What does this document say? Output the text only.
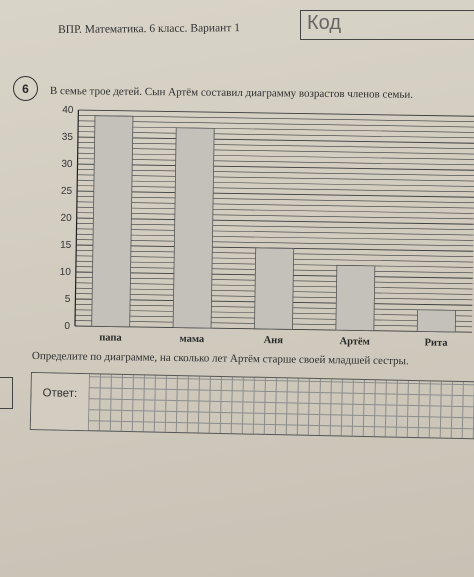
ВПР. Математика. 6 класс. Вариант 1	Код
6	В семье трое детей. Сын Артём составил диаграмму возрастов членов семьи.
0
5
10
15
20
25
30
35
40
папа	мама	Аня	Артём	Рита
Определите по диаграмме, на сколько лет Артём старше своей младшей сестры.
Ответ:
